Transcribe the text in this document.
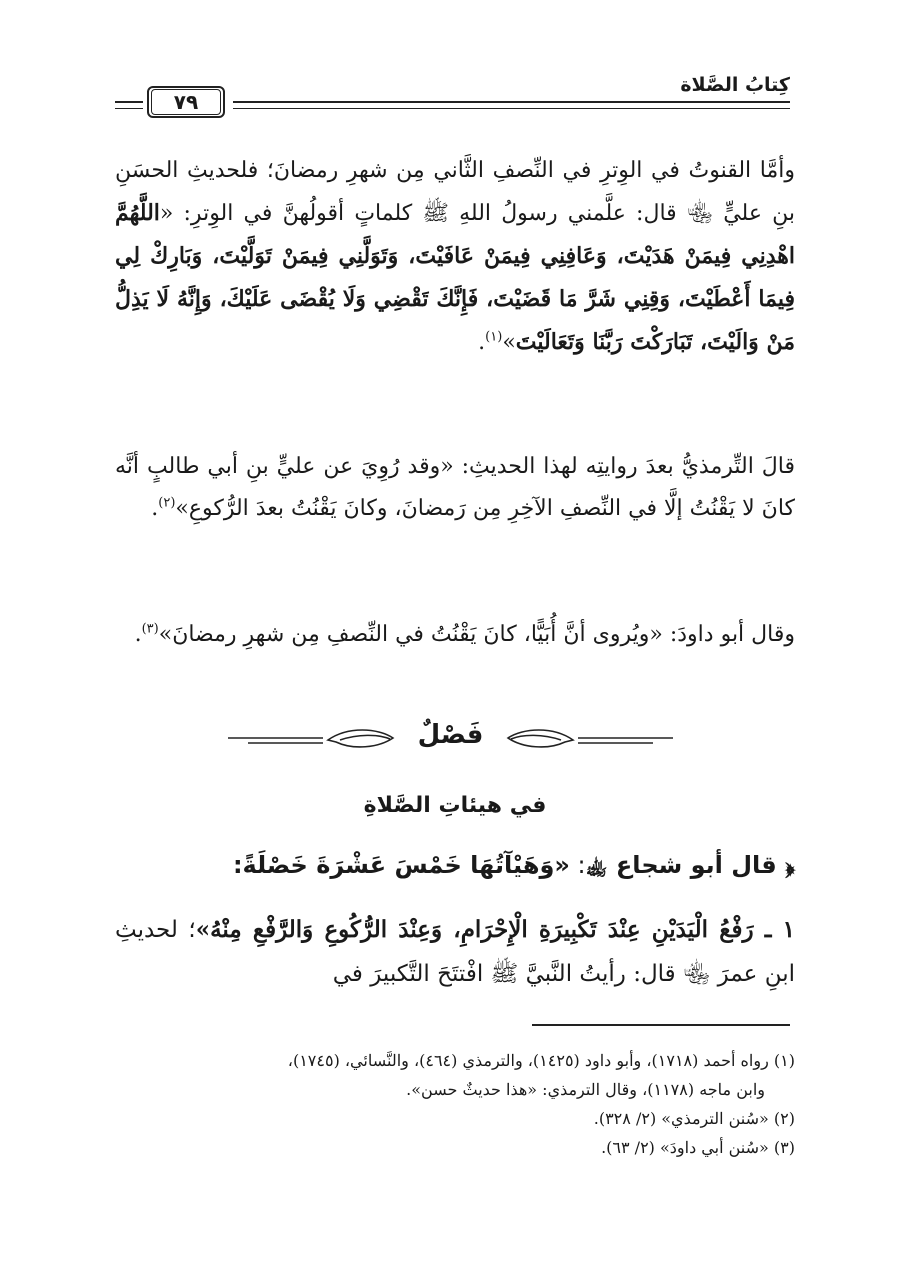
كِتابُ الصَّلاة
٧٩
وأمَّا القنوتُ في الوِترِ في النِّصفِ الثَّاني مِن شهرِ رمضانَ؛ فلحديثِ الحسَنِ بنِ عليٍّ ﵄ قال: علَّمني رسولُ اللهِ ﷺ كلماتٍ أقولُهنَّ في الوِترِ: «اللَّهُمَّ اهْدِنِي فِيمَنْ هَدَيْتَ، وَعَافِنِي فِيمَنْ عَافَيْتَ، وَتَوَلَّنِي فِيمَنْ تَوَلَّيْتَ، وَبَارِكْ لِي فِيمَا أَعْطَيْتَ، وَقِنِي شَرَّ مَا قَضَيْتَ، فَإِنَّكَ تَقْضِي وَلَا يُقْضَى عَلَيْكَ، وَإِنَّهُ لَا يَذِلُّ مَنْ وَالَيْتَ، تَبَارَكْتَ رَبَّنَا وَتَعَالَيْتَ»$^{(١)}$.
قالَ التِّرمذيُّ بعدَ روايتِه لهذا الحديثِ: «وقد رُوِيَ عن عليٍّ بنِ أبي طالبٍ أنَّه كانَ لا يَقْنُتُ إلَّا في النِّصفِ الآخِرِ مِن رَمضانَ، وكانَ يَقْنُتُ بعدَ الرُّكوعِ»$^{(٢)}$.
وقال أبو داودَ: «ويُروى أنَّ أُبَيًّا، كانَ يَقْنُتُ في النِّصفِ مِن شهرِ رمضانَ»$^{(٣)}$.
فَصْلٌ
في هيئاتِ الصَّلاةِ
﴿ قال أبو شجاع ﵀: «وَهَيْآتُهَا خَمْسَ عَشْرَةَ خَصْلَةً:
١ ـ رَفْعُ الْيَدَيْنِ عِنْدَ تَكْبِيرَةِ الْإِحْرَامِ، وَعِنْدَ الرُّكُوعِ وَالرَّفْعِ مِنْهُ»؛ لحديثِ ابنِ عمرَ ﵄ قال: رأيتُ النَّبيَّ ﷺ افْتتَحَ التَّكبيرَ في
(١) رواه أحمد (١٧١٨)، وأبو داود (١٤٢٥)، والترمذي (٤٦٤)، والنَّسائي، (١٧٤٥)،
وابن ماجه (١١٧٨)، وقال الترمذي: «هذا حديثٌ حسن».
(٢) «سُنن الترمذي» (٢/ ٣٢٨).
(٣) «سُنن أبي داودَ» (٢/ ٦٣).
